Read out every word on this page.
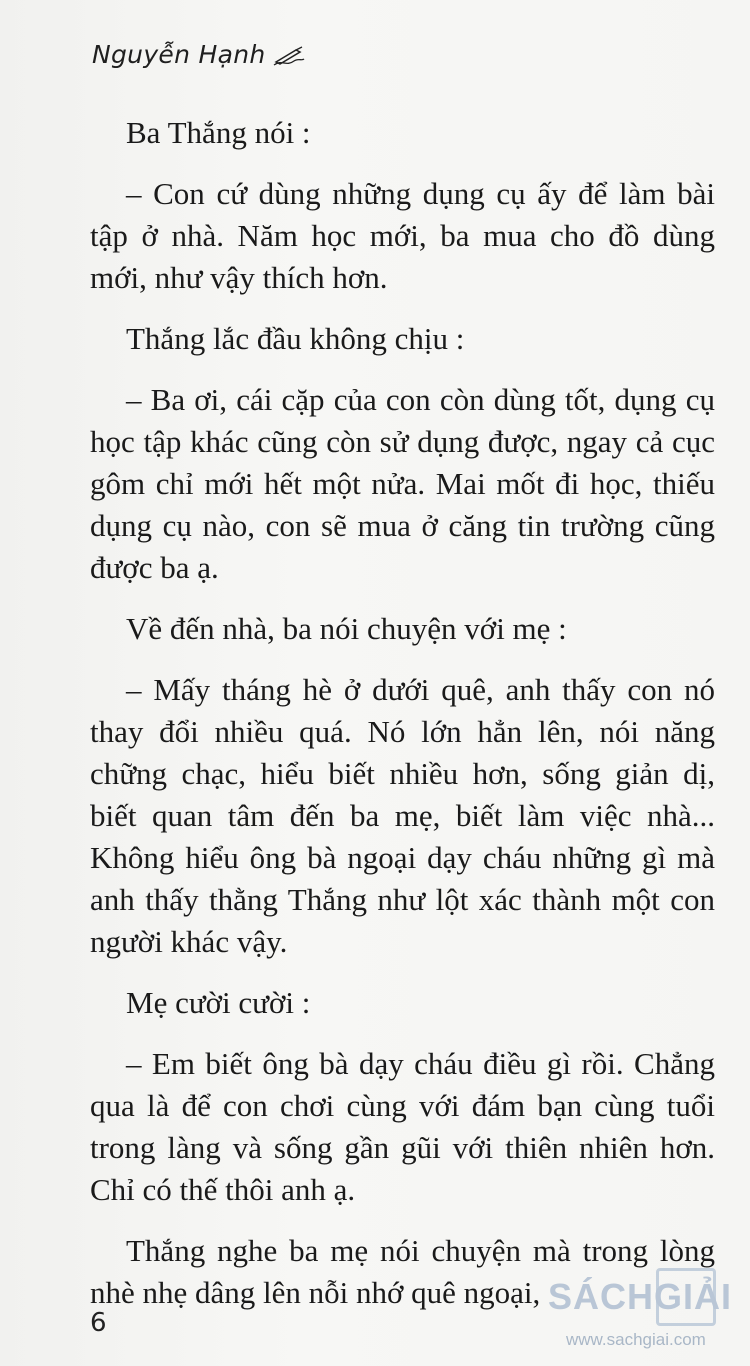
Nguyễn Hạnh

Ba Thắng nói :

– Con cứ dùng những dụng cụ ấy để làm bài tập ở nhà. Năm học mới, ba mua cho đồ dùng mới, như vậy thích hơn.

Thắng lắc đầu không chịu :

– Ba ơi, cái cặp của con còn dùng tốt, dụng cụ học tập khác cũng còn sử dụng được, ngay cả cục gôm chỉ mới hết một nửa. Mai mốt đi học, thiếu dụng cụ nào, con sẽ mua ở căng tin trường cũng được ba ạ.

Về đến nhà, ba nói chuyện với mẹ :

– Mấy tháng hè ở dưới quê, anh thấy con nó thay đổi nhiều quá. Nó lớn hẳn lên, nói năng chững chạc, hiểu biết nhiều hơn, sống giản dị, biết quan tâm đến ba mẹ, biết làm việc nhà... Không hiểu ông bà ngoại dạy cháu những gì mà anh thấy thằng Thắng như lột xác thành một con người khác vậy.

Mẹ cười cười :

– Em biết ông bà dạy cháu điều gì rồi. Chẳng qua là để con chơi cùng với đám bạn cùng tuổi trong làng và sống gần gũi với thiên nhiên hơn. Chỉ có thế thôi anh ạ.

Thắng nghe ba mẹ nói chuyện mà trong lòng nhè nhẹ dâng lên nỗi nhớ quê ngoại,

6
SÁCHGIẢI
www.sachgiai.com
